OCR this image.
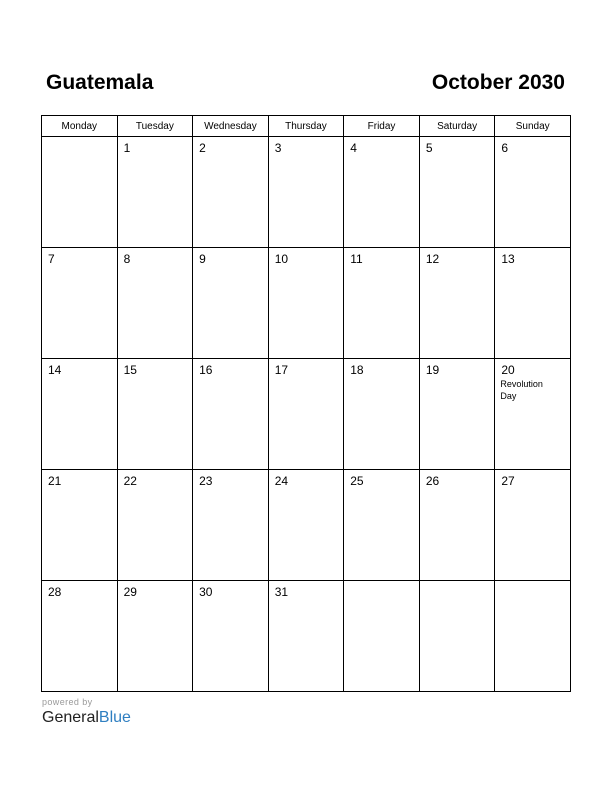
Guatemala	October 2030
Monday	Tuesday	Wednesday	Thursday	Friday	Saturday	Sunday

	1	2	3	4	5	6

7	8	9	10	11	12	13

14	15	16	17	18	19	20
Revolution Day

21	22	23	24	25	26	27

28	29	30	31			

powered by
GeneralBlue
